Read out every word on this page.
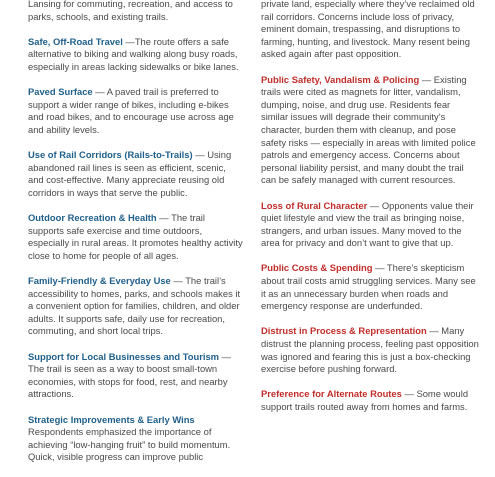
Lansing for commuting, recreation, and access to parks, schools, and existing trails.

Safe, Off-Road Travel —The route offers a safe alternative to biking and walking along busy roads, especially in areas lacking sidewalks or bike lanes.

Paved Surface — A paved trail is preferred to support a wider range of bikes, including e-bikes and road bikes, and to encourage use across age and ability levels.

Use of Rail Corridors (Rails-to-Trails) — Using abandoned rail lines is seen as efficient, scenic, and cost-effective. Many appreciate reusing old corridors in ways that serve the public.

Outdoor Recreation & Health — The trail supports safe exercise and time outdoors, especially in rural areas. It promotes healthy activity close to home for people of all ages.

Family-Friendly & Everyday Use — The trail’s accessibility to homes, parks, and schools makes it a convenient option for families, children, and older adults. It supports safe, daily use for recreation, commuting, and short local trips.

Support for Local Businesses and Tourism —The trail is seen as a way to boost small-town economies, with stops for food, rest, and nearby attractions.

Strategic Improvements & Early Wins
Respondents emphasized the importance of achieving “low-hanging fruit” to build momentum. Quick, visible progress can improve public

private land, especially where they’ve reclaimed old rail corridors. Concerns include loss of privacy, eminent domain, trespassing, and disruptions to farming, hunting, and livestock. Many resent being asked again after past opposition.

Public Safety, Vandalism & Policing — Existing trails were cited as magnets for litter, vandalism, dumping, noise, and drug use. Residents fear similar issues will degrade their community’s character, burden them with cleanup, and pose safety risks — especially in areas with limited police patrols and emergency access. Concerns about personal liability persist, and many doubt the trail can be safely managed with current resources.

Loss of Rural Character — Opponents value their quiet lifestyle and view the trail as bringing noise, strangers, and urban issues. Many moved to the area for privacy and don’t want to give that up.

Public Costs & Spending — There’s skepticism about trail costs amid struggling services. Many see it as an unnecessary burden when roads and emergency response are underfunded.

Distrust in Process & Representation — Many distrust the planning process, feeling past opposition was ignored and fearing this is just a box-checking exercise before pushing forward.

Preference for Alternate Routes — Some would support trails routed away from homes and farms.
